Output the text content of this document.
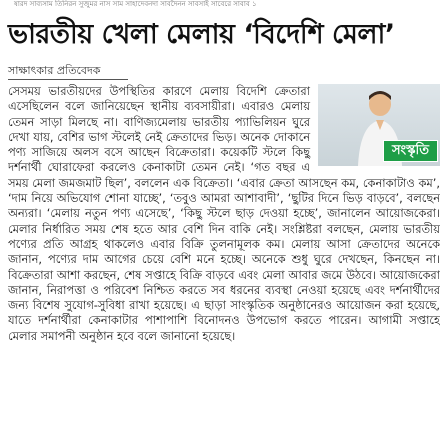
ষারদ সাব্যসাম তিনিরন সুজুমর নাস সাম সাহাদেবনদা সাবদৈনন সাবসাই সাবেরে সাবাব ১
ভারতীয় খেলা মেলায় ‘বিদেশি মেলা’
সাক্ষাৎকার প্রতিবেদক
সংস্কৃতি

সেসময় ভারতীয়দের উপস্থিতির কারণে মেলায় বিদেশি ক্রেতারা এসেছিলেন বলে জানিয়েছেন স্থানীয় ব্যবসায়ীরা। এবারও মেলায় তেমন সাড়া মিলছে না। বাণিজ্যমেলায় ভারতীয় প্যাভিলিয়ন ঘুরে দেখা যায়, বেশির ভাগ স্টলেই নেই ক্রেতাদের ভিড়। অনেক দোকানে পণ্য সাজিয়ে অলস বসে আছেন বিক্রেতারা। কয়েকটি স্টলে কিছু দর্শনার্থী ঘোরাফেরা করলেও কেনাকাটা তেমন নেই। ‘গত বছর এ সময় মেলা জমজমাট ছিল’, বললেন এক বিক্রেতা। ‘এবার ক্রেতা আসছেন কম, কেনাকাটাও কম’, ‘দাম নিয়ে অভিযোগ শোনা যাচ্ছে’, ‘তবুও আমরা আশাবাদী’, ‘ছুটির দিনে ভিড় বাড়বে’, বলছেন অন্যরা। ‘মেলায় নতুন পণ্য এসেছে’, ‘কিছু স্টলে ছাড় দেওয়া হচ্ছে’, জানালেন আয়োজকেরা। মেলার নির্ধারিত সময় শেষ হতে আর বেশি দিন বাকি নেই। সংশ্লিষ্টরা বলছেন, মেলায় ভারতীয় পণ্যের প্রতি আগ্রহ থাকলেও এবার বিক্রি তুলনামূলক কম। মেলায় আসা ক্রেতাদের অনেকে জানান, পণ্যের দাম আগের চেয়ে বেশি মনে হচ্ছে। অনেকে শুধু ঘুরে দেখছেন, কিনছেন না। বিক্রেতারা আশা করছেন, শেষ সপ্তাহে বিক্রি বাড়বে এবং মেলা আবার জমে উঠবে। আয়োজকেরা জানান, নিরাপত্তা ও পরিবেশ নিশ্চিত করতে সব ধরনের ব্যবস্থা নেওয়া হয়েছে এবং দর্শনার্থীদের জন্য বিশেষ সুযোগ-সুবিধা রাখা হয়েছে। এ ছাড়া সাংস্কৃতিক অনুষ্ঠানেরও আয়োজন করা হয়েছে, যাতে দর্শনার্থীরা কেনাকাটার পাশাপাশি বিনোদনও উপভোগ করতে পারেন। আগামী সপ্তাহে মেলার সমাপনী অনুষ্ঠান হবে বলে জানানো হয়েছে।
